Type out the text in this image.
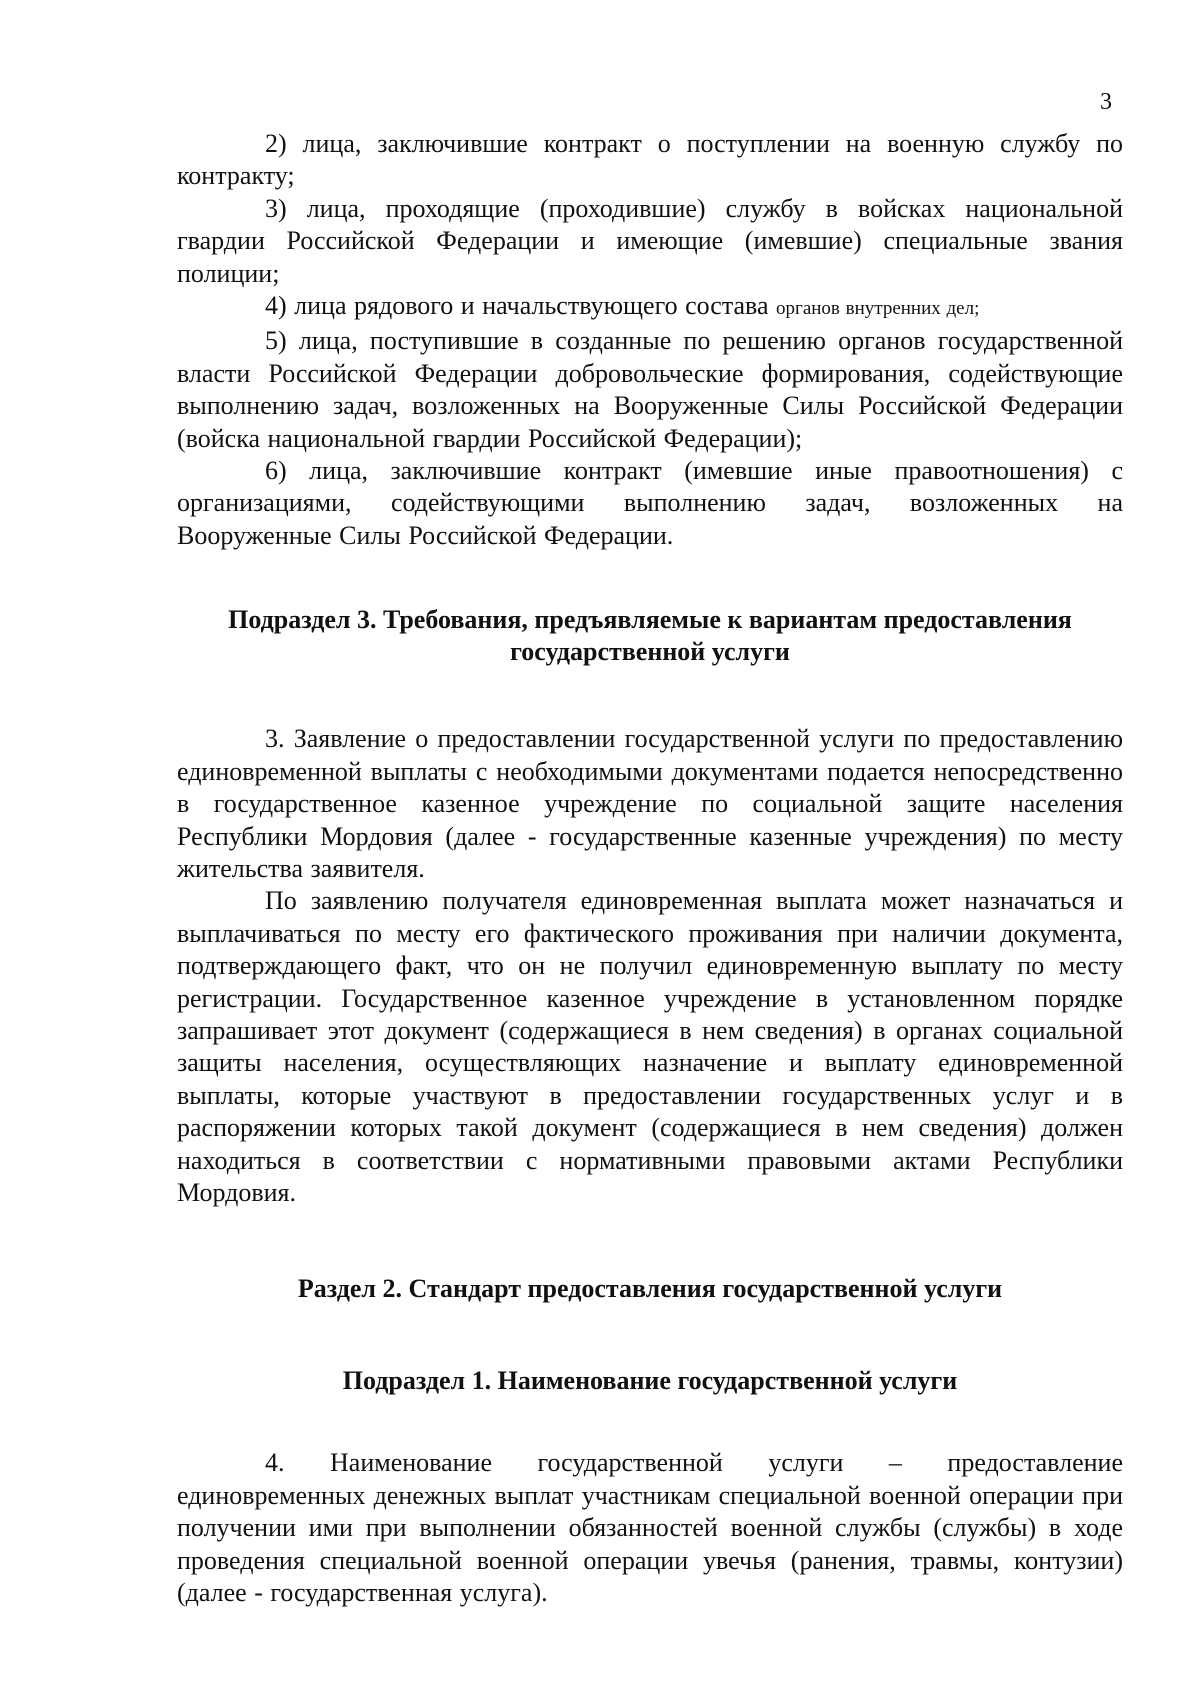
3

2) лица, заключившие контракт о поступлении на военную службу по контракту;

3) лица, проходящие (проходившие) службу в войсках национальной гвардии Российской Федерации и имеющие (имевшие) специальные звания полиции;

4) лица рядового и начальствующего состава органов внутренних дел;

5) лица, поступившие в созданные по решению органов государственной власти Российской Федерации добровольческие формирования, содействующие выполнению задач, возложенных на Вооруженные Силы Российской Федерации (войска национальной гвардии Российской Федерации);

6) лица, заключившие контракт (имевшие иные правоотношения) с организациями, содействующими выполнению задач, возложенных на Вооруженные Силы Российской Федерации.

Подраздел 3. Требования, предъявляемые к вариантам предоставления
государственной услуги

3. Заявление о предоставлении государственной услуги по предоставлению единовременной выплаты с необходимыми документами подается непосредственно в государственное казенное учреждение по социальной защите населения Республики Мордовия (далее - государственные казенные учреждения) по месту жительства заявителя.

По заявлению получателя единовременная выплата может назначаться и выплачиваться по месту его фактического проживания при наличии документа, подтверждающего факт, что он не получил единовременную выплату по месту регистрации. Государственное казенное учреждение в установленном порядке запрашивает этот документ (содержащиеся в нем сведения) в органах социальной защиты населения, осуществляющих назначение и выплату единовременной выплаты, которые участвуют в предоставлении государственных услуг и в распоряжении которых такой документ (содержащиеся в нем сведения) должен находиться в соответствии с нормативными правовыми актами Республики Мордовия.

Раздел 2. Стандарт предоставления государственной услуги
Подраздел 1. Наименование государственной услуги

4. Наименование государственной услуги – предоставление единовременных денежных выплат участникам специальной военной операции при получении ими при выполнении обязанностей военной службы (службы) в ходе проведения специальной военной операции увечья (ранения, травмы, контузии) (далее - государственная услуга).
